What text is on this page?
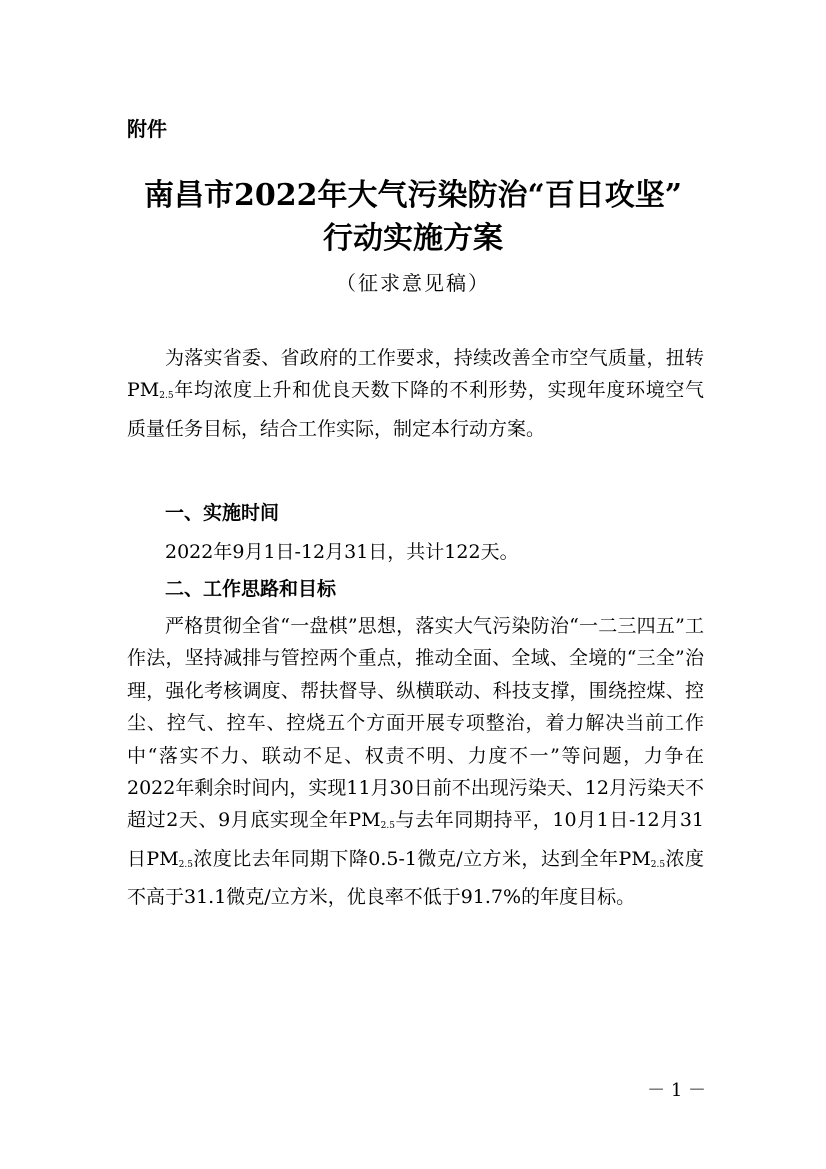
附件
南昌市2022年大气污染防治“百日攻坚”
行动实施方案
（征求意见稿）
为落实省委、省政府的工作要求，持续改善全市空气质量，扭转PM2.5年均浓度上升和优良天数下降的不利形势，实现年度环境空气质量任务目标，结合工作实际，制定本行动方案。
一、实施时间
2022年9月1日-12月31日，共计122天。
二、工作思路和目标
严格贯彻全省“一盘棋”思想，落实大气污染防治“一二三四五”工作法，坚持减排与管控两个重点，推动全面、全域、全境的“三全”治理，强化考核调度、帮扶督导、纵横联动、科技支撑，围绕控煤、控尘、控气、控车、控烧五个方面开展专项整治，着力解决当前工作中“落实不力、联动不足、权责不明、力度不一”等问题，力争在2022年剩余时间内，实现11月30日前不出现污染天、12月污染天不超过2天、9月底实现全年PM2.5与去年同期持平，10月1日-12月31日PM2.5浓度比去年同期下降0.5-1微克/立方米，达到全年PM2.5浓度不高于31.1微克/立方米，优良率不低于91.7%的年度目标。
－ 1 －
